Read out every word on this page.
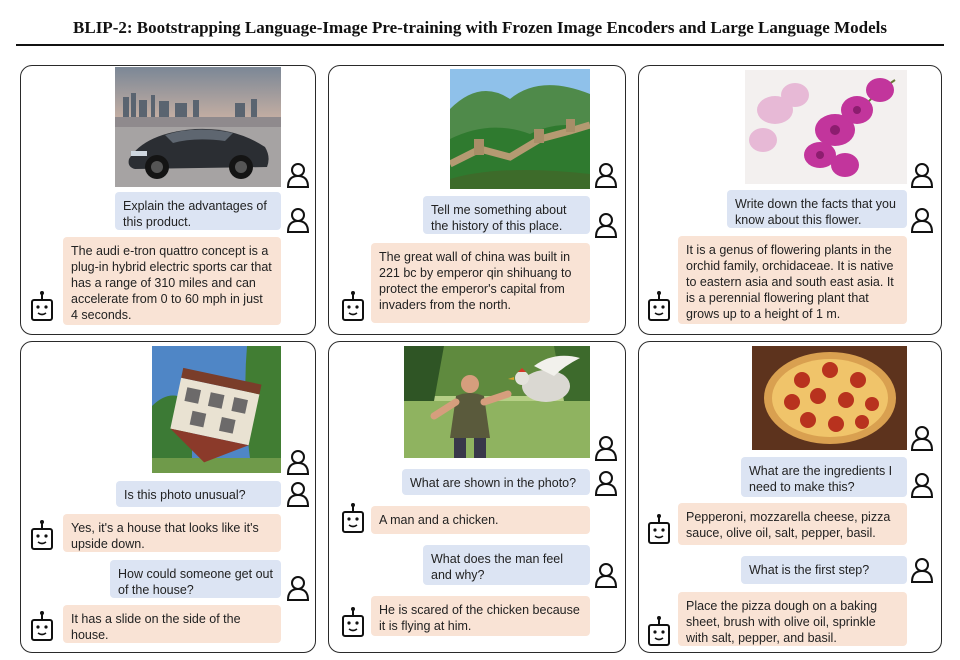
BLIP-2: Bootstrapping Language-Image Pre-training with Frozen Image Encoders and Large Language Models
Explain the advantages of this product.
The audi e-tron quattro concept is a plug-in hybrid electric sports car that has a range of 310 miles and can accelerate from 0 to 60 mph in just 4 seconds.
Tell me something about the history of this place.
The great wall of china was built in 221 bc by emperor qin shihuang to protect the emperor's capital from invaders from the north.
Write down the facts that you know about this flower.
It is a genus of flowering plants in the orchid family, orchidaceae. It is native to eastern asia and south east asia. It is a perennial flowering plant that grows up to a height of 1 m.
Is this photo unusual?
Yes, it's a house that looks like it's upside down.
How could someone get out of the house?
It has a slide on the side of the house.
What are shown in the photo?
A man and a chicken.
What does the man feel and why?
He is scared of the chicken because it is flying at him.
What are the ingredients I need to make this?
Pepperoni, mozzarella cheese, pizza sauce, olive oil, salt, pepper, basil.
What is the first step?
Place the pizza dough on a baking sheet, brush with olive oil, sprinkle with salt, pepper, and basil.
